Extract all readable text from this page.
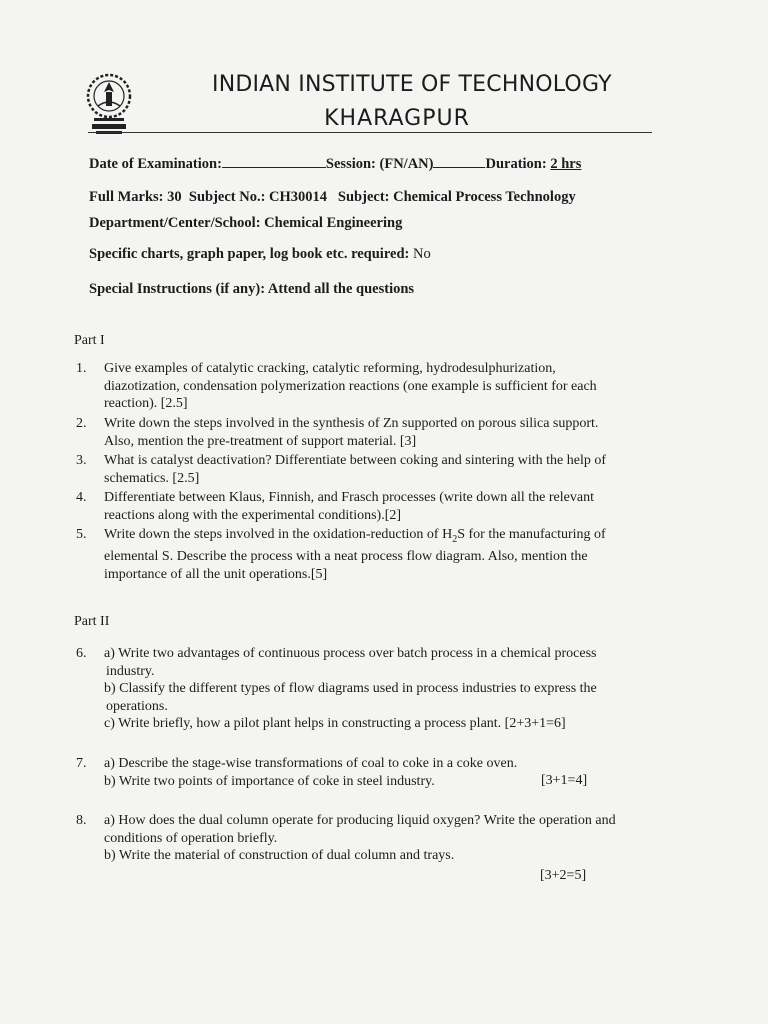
INDIAN INSTITUTE OF TECHNOLOGY
KHARAGPUR
Date of Examination:	Session: (FN/AN)	Duration: 2 hrs
Full Marks: 30 Subject No.: CH30014 Subject: Chemical Process Technology
Department/Center/School: Chemical Engineering
Specific charts, graph paper, log book etc. required: No
Special Instructions (if any): Attend all the questions
Part I
1.	Give examples of catalytic cracking, catalytic reforming, hydrodesulphurization,
diazotization, condensation polymerization reactions (one example is sufficient for each
reaction). [2.5]
2.	Write down the steps involved in the synthesis of Zn supported on porous silica support.
Also, mention the pre-treatment of support material. [3]
3.	What is catalyst deactivation? Differentiate between coking and sintering with the help of
schematics. [2.5]
4.	Differentiate between Klaus, Finnish, and Frasch processes (write down all the relevant
reactions along with the experimental conditions).[2]
5.	Write down the steps involved in the oxidation-reduction of $H_2S$ for the manufacturing of
elemental S. Describe the process with a neat process flow diagram. Also, mention the
importance of all the unit operations.[5]
Part II
6.	a) Write two advantages of continuous process over batch process in a chemical process
industry.
b) Classify the different types of flow diagrams used in process industries to express the
operations.
c) Write briefly, how a pilot plant helps in constructing a process plant. [2+3+1=6]
7.	a) Describe the stage-wise transformations of coal to coke in a coke oven.
b) Write two points of importance of coke in steel industry.	[3+1=4]
8.	a) How does the dual column operate for producing liquid oxygen? Write the operation and
conditions of operation briefly.
b) Write the material of construction of dual column and trays.
[3+2=5]
